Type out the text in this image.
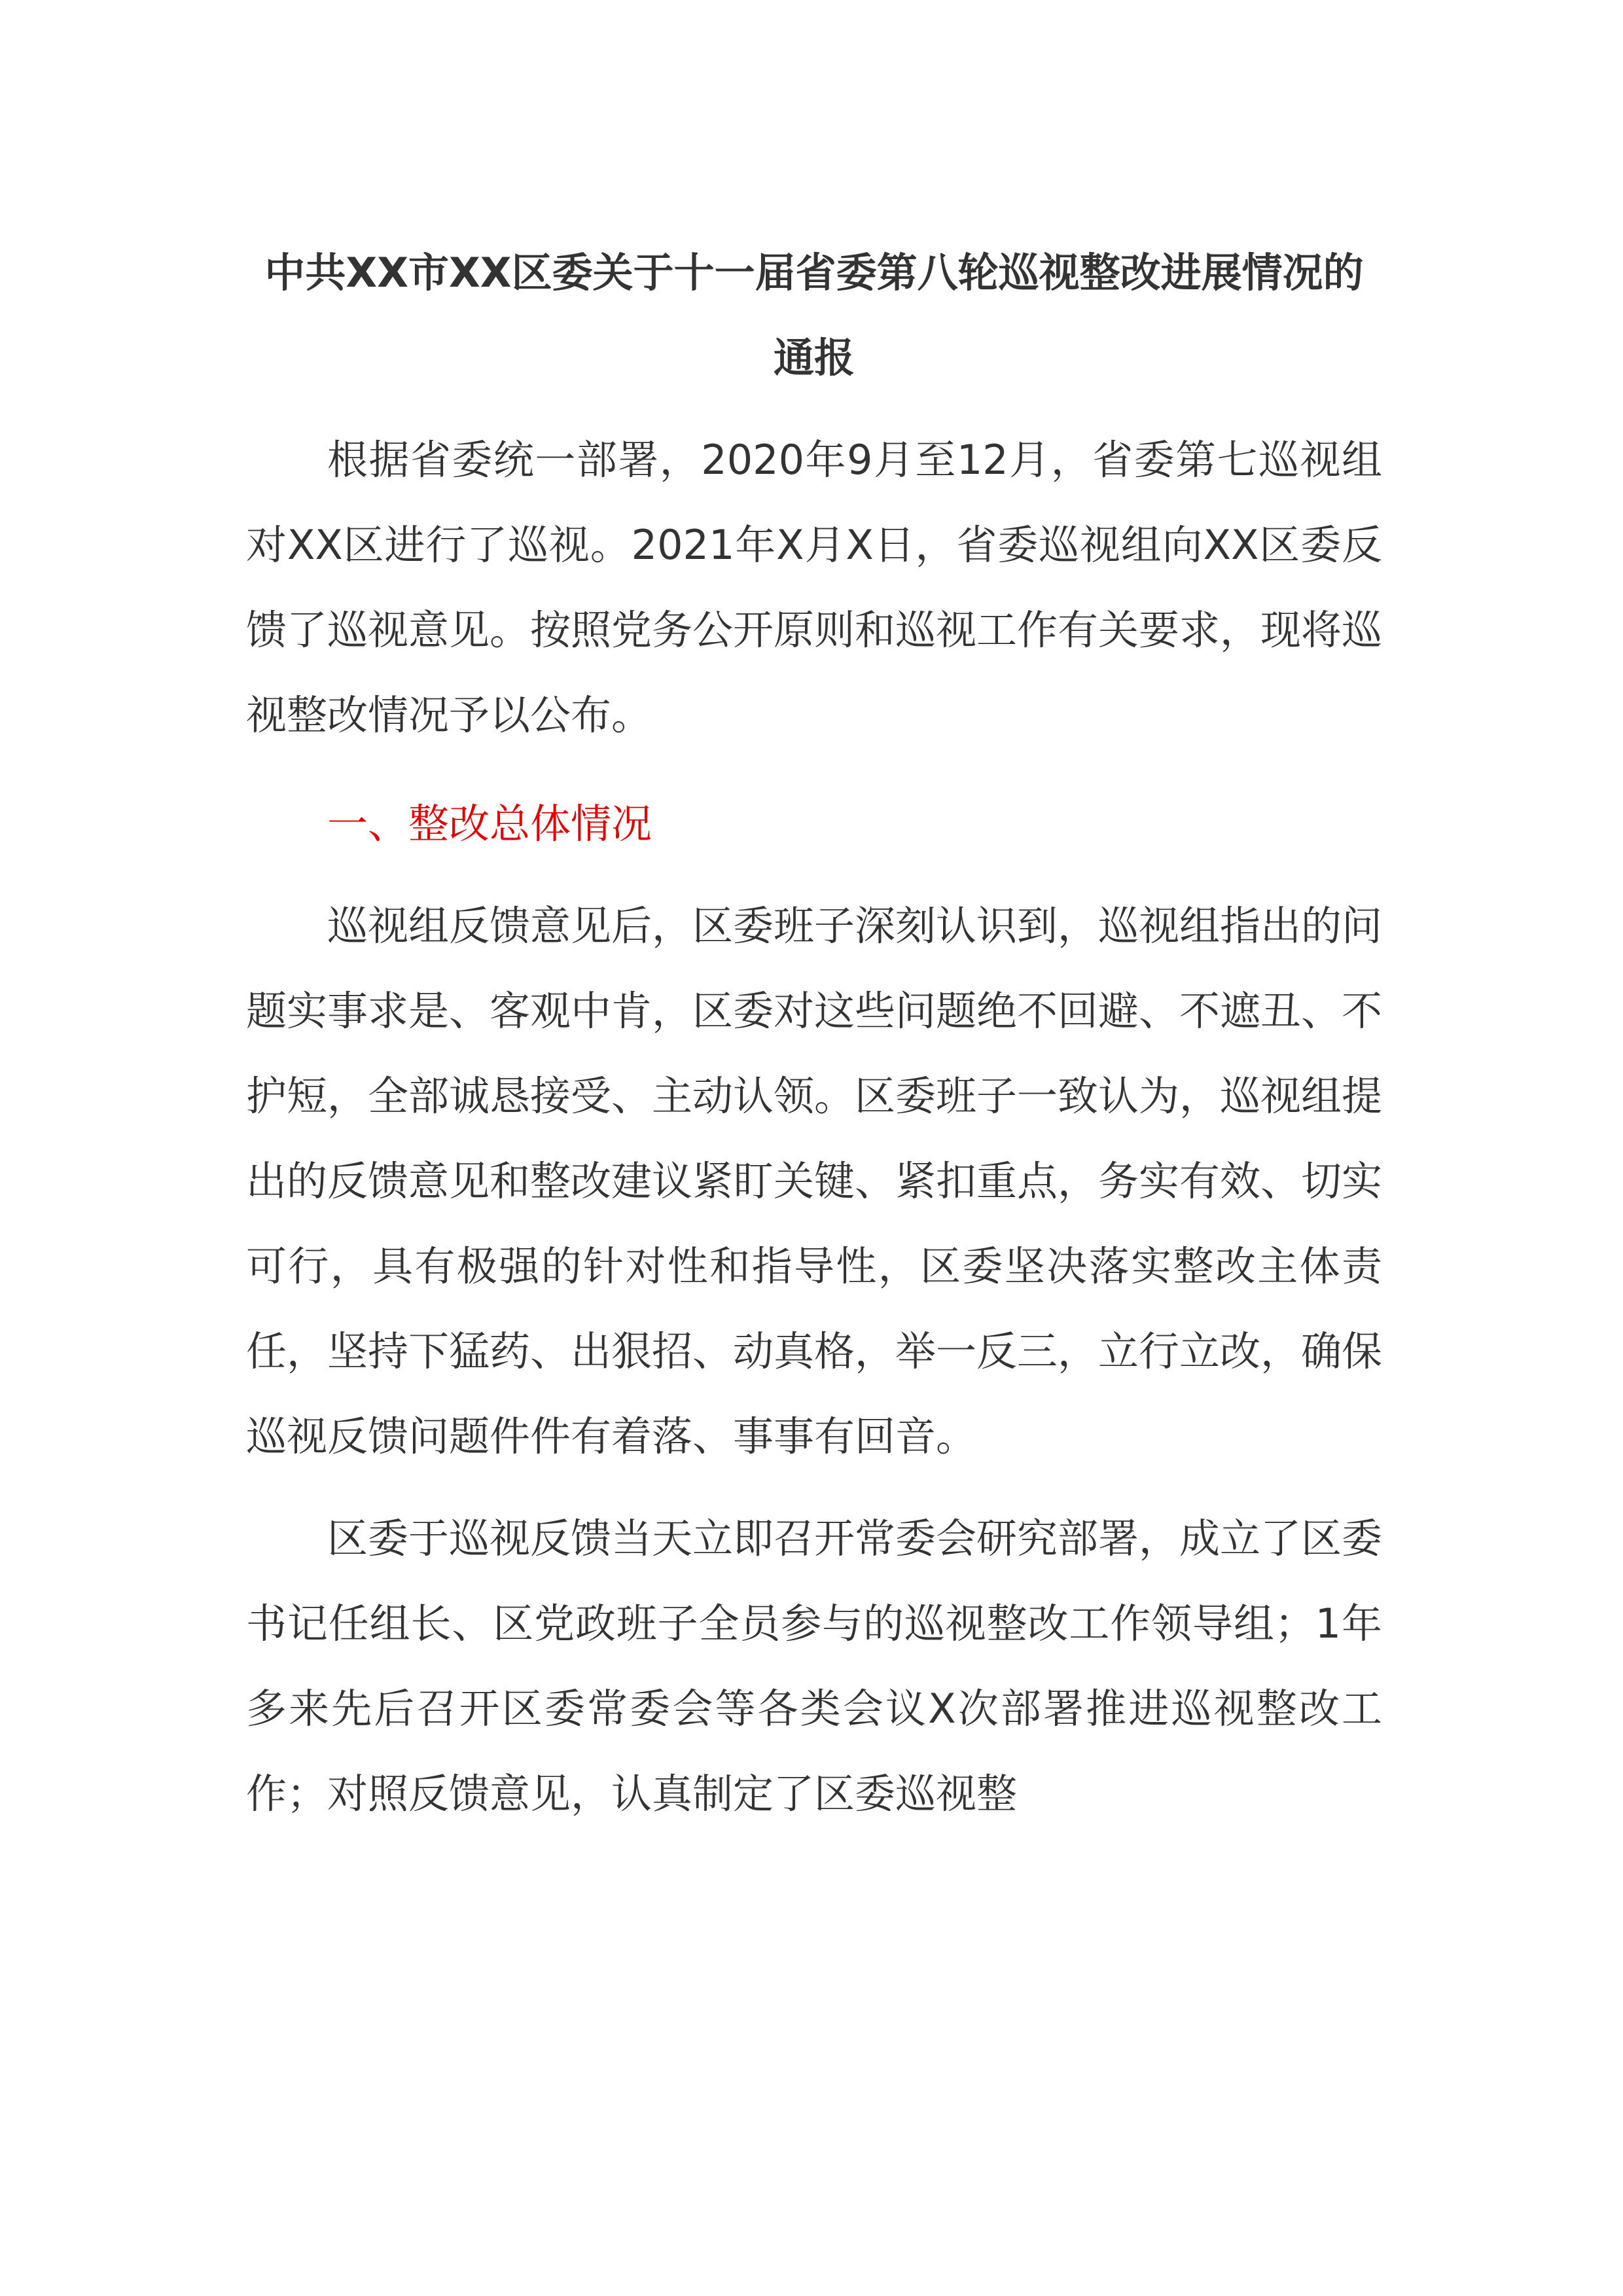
中共XX市XX区委关于十一届省委第八轮巡视整改进展情况的通报

根据省委统一部署，2020年9月至12月，省委第七巡视组对XX区进行了巡视。2021年X月X日，省委巡视组向XX区委反馈了巡视意见。按照党务公开原则和巡视工作有关要求，现将巡视整改情况予以公布。

一、整改总体情况

巡视组反馈意见后，区委班子深刻认识到，巡视组指出的问题实事求是、客观中肯，区委对这些问题绝不回避、不遮丑、不护短，全部诚恳接受、主动认领。区委班子一致认为，巡视组提出的反馈意见和整改建议紧盯关键、紧扣重点，务实有效、切实可行，具有极强的针对性和指导性，区委坚决落实整改主体责任，坚持下猛药、出狠招、动真格，举一反三，立行立改，确保巡视反馈问题件件有着落、事事有回音。

区委于巡视反馈当天立即召开常委会研究部署，成立了区委书记任组长、区党政班子全员参与的巡视整改工作领导组；1年多来先后召开区委常委会等各类会议X次部署推进巡视整改工作；对照反馈意见，认真制定了区委巡视整
